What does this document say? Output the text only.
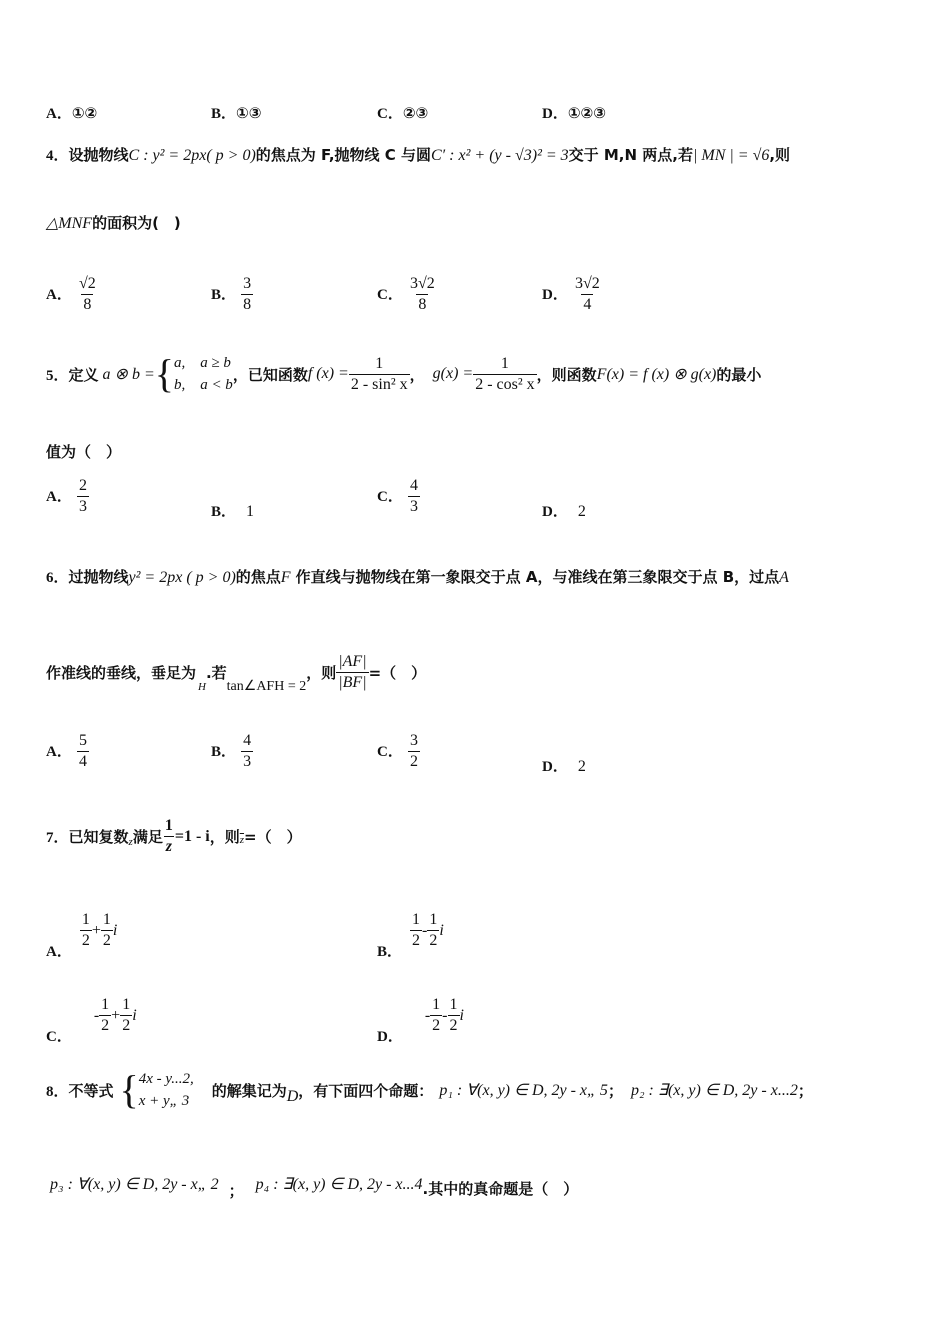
A．①②	B．①③	C．②③	D．①②③
4．设抛物线C : y² = 2px( p > 0)的焦点为 F,抛物线 C 与圆C′ : x² + (y - √3)² = 3交于 M,N 两点,若| MN | = √6,则
△MNF的面积为(　)
A． $\frac{√2}{8}$	B． $\frac{3}{8}$	C． $\frac{3√2}{8}$	D． $\frac{3√2}{4}$
5． 定义 a ⊗ b = { a,　a ≥ b
b,　a < b
，已知函数 f $(x) = \frac{1}{\text{2 - sin² x}}$ ， $g(x) = \frac{1}{\text{2 - cos² x}}$ ，则函数 F(x) = f (x) ⊗ g(x) 的最小
值为（　）
A． $\frac{2}{3}$	B． 1
C． $\frac{4}{3}$	D． 2
6．过抛物线y² = 2px ( p > 0)的焦点F 作直线与抛物线在第一象限交于点 A，与准线在第三象限交于点 B，过点A
作准线的垂线，垂足为
H
.若
tan∠AFH = 2
，则 $\frac{|AF|}{|BF|}$ =（　）
A． $\frac{5}{4}$	B． $\frac{4}{3}$	C． $\frac{3}{2}$	D． 2
7． 已知复数 z 满足 $\frac{1}{z} =1 - i$ ，则 $\overline{z}$ =（　）
A．
$\frac{1}{2} + \frac{1}{2}$ i
B．
$\frac{1}{2} - \frac{1}{2}$ i
C．
- $\frac{1}{2} + \frac{1}{2}$ i
D．
- $\frac{1}{2} - \frac{1}{2}$ i
8． 不等式 { 4x - y...2,
x + y„ 3
的解集记为 D ，有下面四个命题： p₁ : ∀(x, y) ∈ D, 2y - x„ 5 ； p₂ : ∃(x, y) ∈ D, 2y - x...2 ；
p₃ : ∀(x, y) ∈ D, 2y - x„ 2 ； p₄ : ∃(x, y) ∈ D, 2y - x...4 .其中的真命题是（　）
